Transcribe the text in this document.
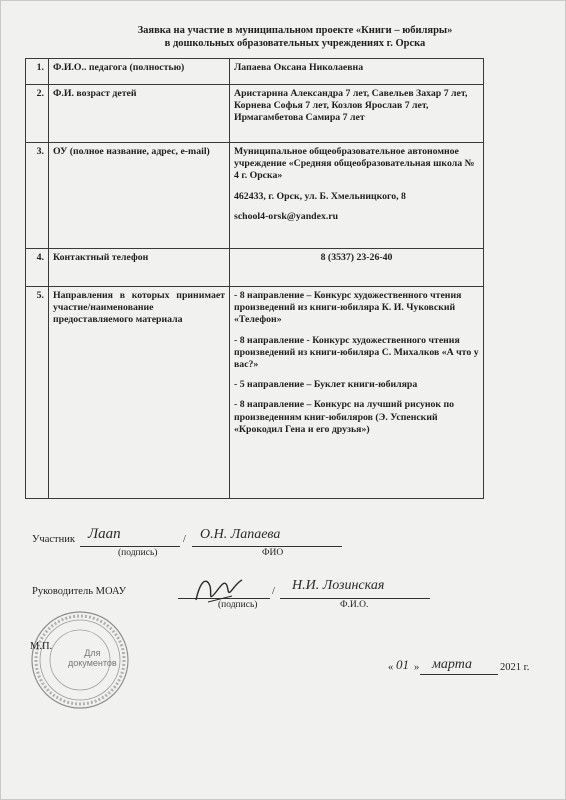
Заявка на участие в муниципальном проекте «Книги – юбиляры»
в дошкольных образовательных учреждениях г. Орска
1.	Ф.И.О.. педагога (полностью)	Лапаева Оксана Николаевна

2.	Ф.И. возраст детей	Аристарина Александра 7 лет, Савельев Захар 7 лет, Корнева Софья 7 лет, Козлов Ярослав 7 лет, Ирмагамбетова Самира 7 лет

3.	ОУ (полное название, адрес, e-mail)	Муниципальное общеобразовательное автономное учреждение «Средняя общеобразовательная школа № 4 г. Орска»

462433, г. Орск, ул. Б. Хмельницкого, 8

school4-orsk@yandex.ru

4.	Контактный телефон	8 (3537) 23-26-40

5.	Направления в которых принимает участие/наименование предоставляемого материала	- 8 направление – Конкурс художественного чтения произведений из книги-юбиляра К. И. Чуковский «Телефон»

- 8 направление - Конкурс художественного чтения произведений из книги-юбиляра С. Михалков «А что у вас?»

- 5 направление – Буклет книги-юбиляра

- 8 направление – Конкурс на лучший рисунок по произведениям книг-юбиляров (Э. Успенский «Крокодил Гена и его друзья»)

Участник	/
Лаап	О.Н. Лапаева
(подпись)	ФИО
Руководитель МОАУ	/ Н.И. Лозинская
(подпись)	Ф.И.О.
М.П.
Для
документов	« 01 » марта	2021 г.
